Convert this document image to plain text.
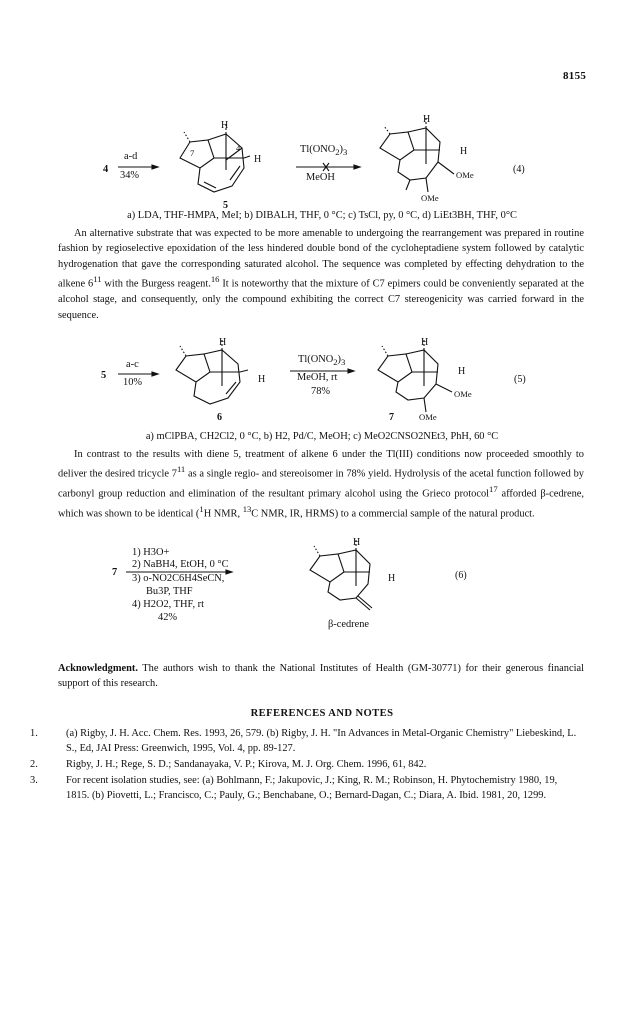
8155
4
a-d
34%
H
H
7	4
5
$Tl(ONO_2)_3$
MeOH
H
H
OMe
OMe
(4)
a) LDA, THF-HMPA, MeI; b) DIBALH, THF, 0 °C; c) TsCl, py, 0 °C, d) LiEt3BH, THF, 0°C

An alternative substrate that was expected to be more amenable to undergoing the rearrangement was prepared in routine fashion by regioselective epoxidation of the less hindered double bond of the cycloheptadiene system followed by catalytic hydrogenation that gave the corresponding saturated alcohol. The sequence was completed by effecting dehydration to the alkene $6^{11}$ with the Burgess reagent.$^{16}$ It is noteworthy that the mixture of C7 epimers could be conveniently separated at the alcohol stage, and consequently, only the compound exhibiting the correct C7 stereogenicity was carried forward in the sequence.

5
a-c
10%
H
H
6
$Tl(ONO_2)_3$
MeOH, rt
78%
H
H
OMe
7	OMe
(5)
a) mClPBA, CH2Cl2, 0 °C, b) H2, Pd/C, MeOH; c) MeO2CNSO2NEt3, PhH, 60 °C

In contrast to the results with diene 5, treatment of alkene 6 under the Tl(III) conditions now proceeded smoothly to deliver the desired tricycle $7^{11}$ as a single regio- and stereoisomer in 78% yield. Hydrolysis of the acetal function followed by carbonyl group reduction and elimination of the resultant primary alcohol using the Grieco protocol$^{17}$ afforded β-cedrene, which was shown to be identical ($^1$H NMR, $^{13}$C NMR, IR, HRMS) to a commercial sample of the natural product.

7
1) H3O+
2) NaBH4, EtOH, 0 °C
3) o-NO2C6H4SeCN,
Bu3P, THF
4) H2O2, THF, rt
42%
H
H
β-cedrene
(6)

Acknowledgment. The authors wish to thank the National Institutes of Health (GM-30771) for their generous financial support of this research.

REFERENCES AND NOTES
1.	(a) Rigby, J. H. Acc. Chem. Res. 1993, 26, 579. (b) Rigby, J. H. "In Advances in Metal-Organic Chemistry" Liebeskind, L. S., Ed, JAI Press: Greenwich, 1995, Vol. 4, pp. 89-127.
2.	Rigby, J. H.; Rege, S. D.; Sandanayaka, V. P.; Kirova, M. J. Org. Chem. 1996, 61, 842.
3.	For recent isolation studies, see: (a) Bohlmann, F.; Jakupovic, J.; King, R. M.; Robinson, H. Phytochemistry 1980, 19, 1815. (b) Piovetti, L.; Francisco, C.; Pauly, G.; Benchabane, O.; Bernard-Dagan, C.; Diara, A. Ibid. 1981, 20, 1299.
